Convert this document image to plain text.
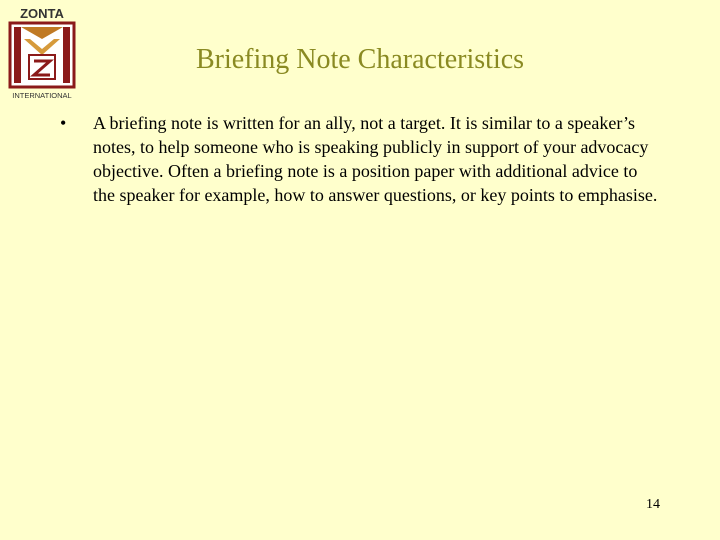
ZONTA
INTERNATIONAL
Briefing Note Characteristics
•	A briefing note is written for an ally, not a target. It is similar to a speaker’s notes, to help someone who is speaking publicly in support of your advocacy objective. Often a briefing note is a position paper with additional advice to the speaker for example, how to answer questions, or key points to emphasise.
14
